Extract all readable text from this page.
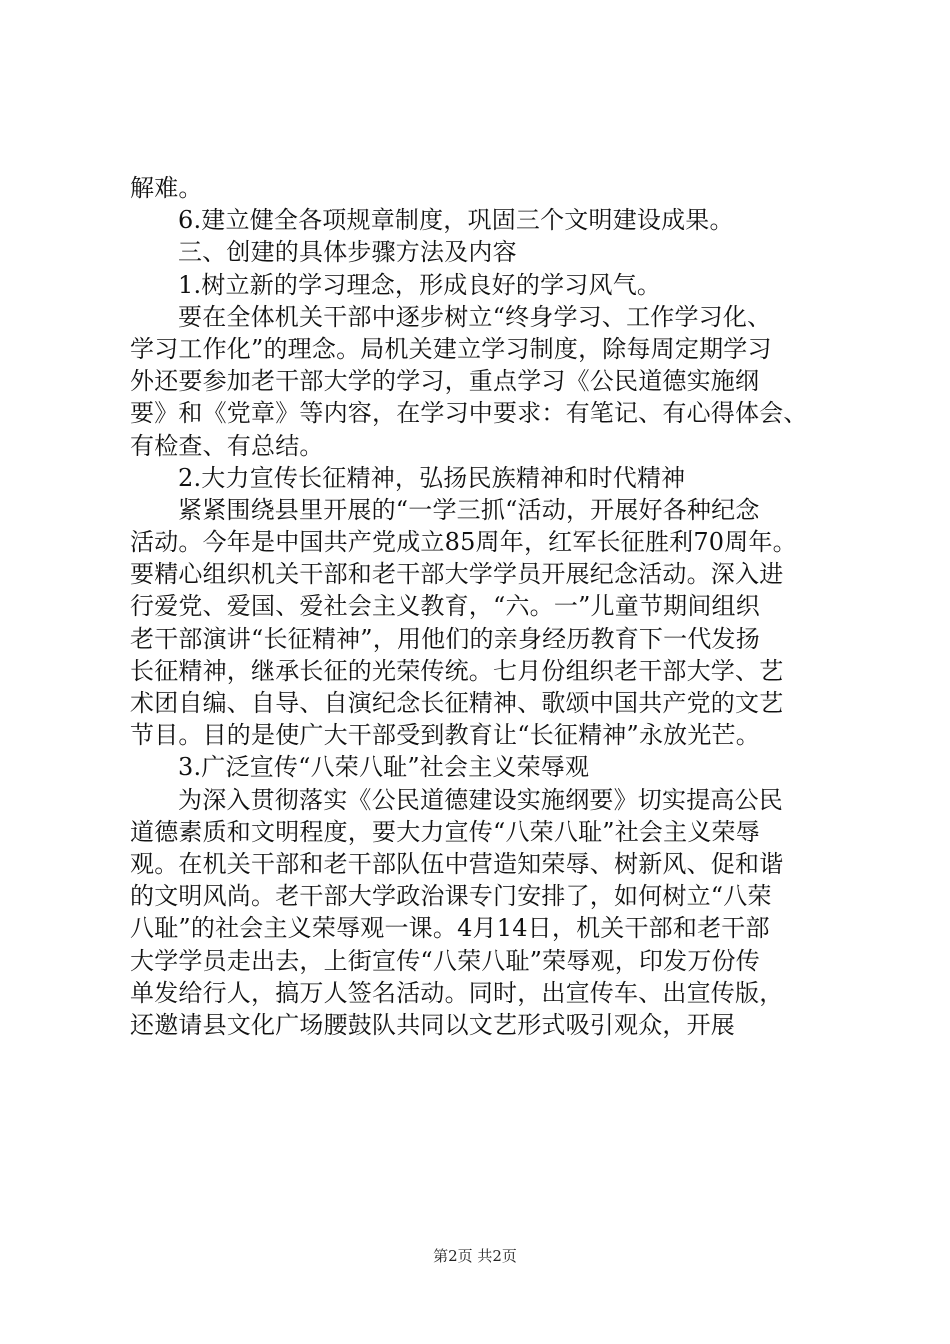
解难。
6.建立健全各项规章制度，巩固三个文明建设成果。
三、创建的具体步骤方法及内容
1.树立新的学习理念，形成良好的学习风气。
要在全体机关干部中逐步树立“终身学习、工作学习化、
学习工作化”的理念。局机关建立学习制度，除每周定期学习
外还要参加老干部大学的学习，重点学习《公民道德实施纲
要》和《党章》等内容，在学习中要求：有笔记、有心得体会、
有检查、有总结。
2.大力宣传长征精神，弘扬民族精神和时代精神
紧紧围绕县里开展的“一学三抓“活动，开展好各种纪念
活动。今年是中国共产党成立85周年，红军长征胜利70周年。
要精心组织机关干部和老干部大学学员开展纪念活动。深入进
行爱党、爱国、爱社会主义教育，“六。一”儿童节期间组织
老干部演讲“长征精神”，用他们的亲身经历教育下一代发扬
长征精神，继承长征的光荣传统。七月份组织老干部大学、艺
术团自编、自导、自演纪念长征精神、歌颂中国共产党的文艺
节目。目的是使广大干部受到教育让“长征精神”永放光芒。
3.广泛宣传“八荣八耻”社会主义荣辱观
为深入贯彻落实《公民道德建设实施纲要》切实提高公民
道德素质和文明程度，要大力宣传“八荣八耻”社会主义荣辱
观。在机关干部和老干部队伍中营造知荣辱、树新风、促和谐
的文明风尚。老干部大学政治课专门安排了，如何树立“八荣
八耻”的社会主义荣辱观一课。4月14日，机关干部和老干部
大学学员走出去，上街宣传“八荣八耻”荣辱观，印发万份传
单发给行人，搞万人签名活动。同时，出宣传车、出宣传版，
还邀请县文化广场腰鼓队共同以文艺形式吸引观众，开展
第2页 共2页
